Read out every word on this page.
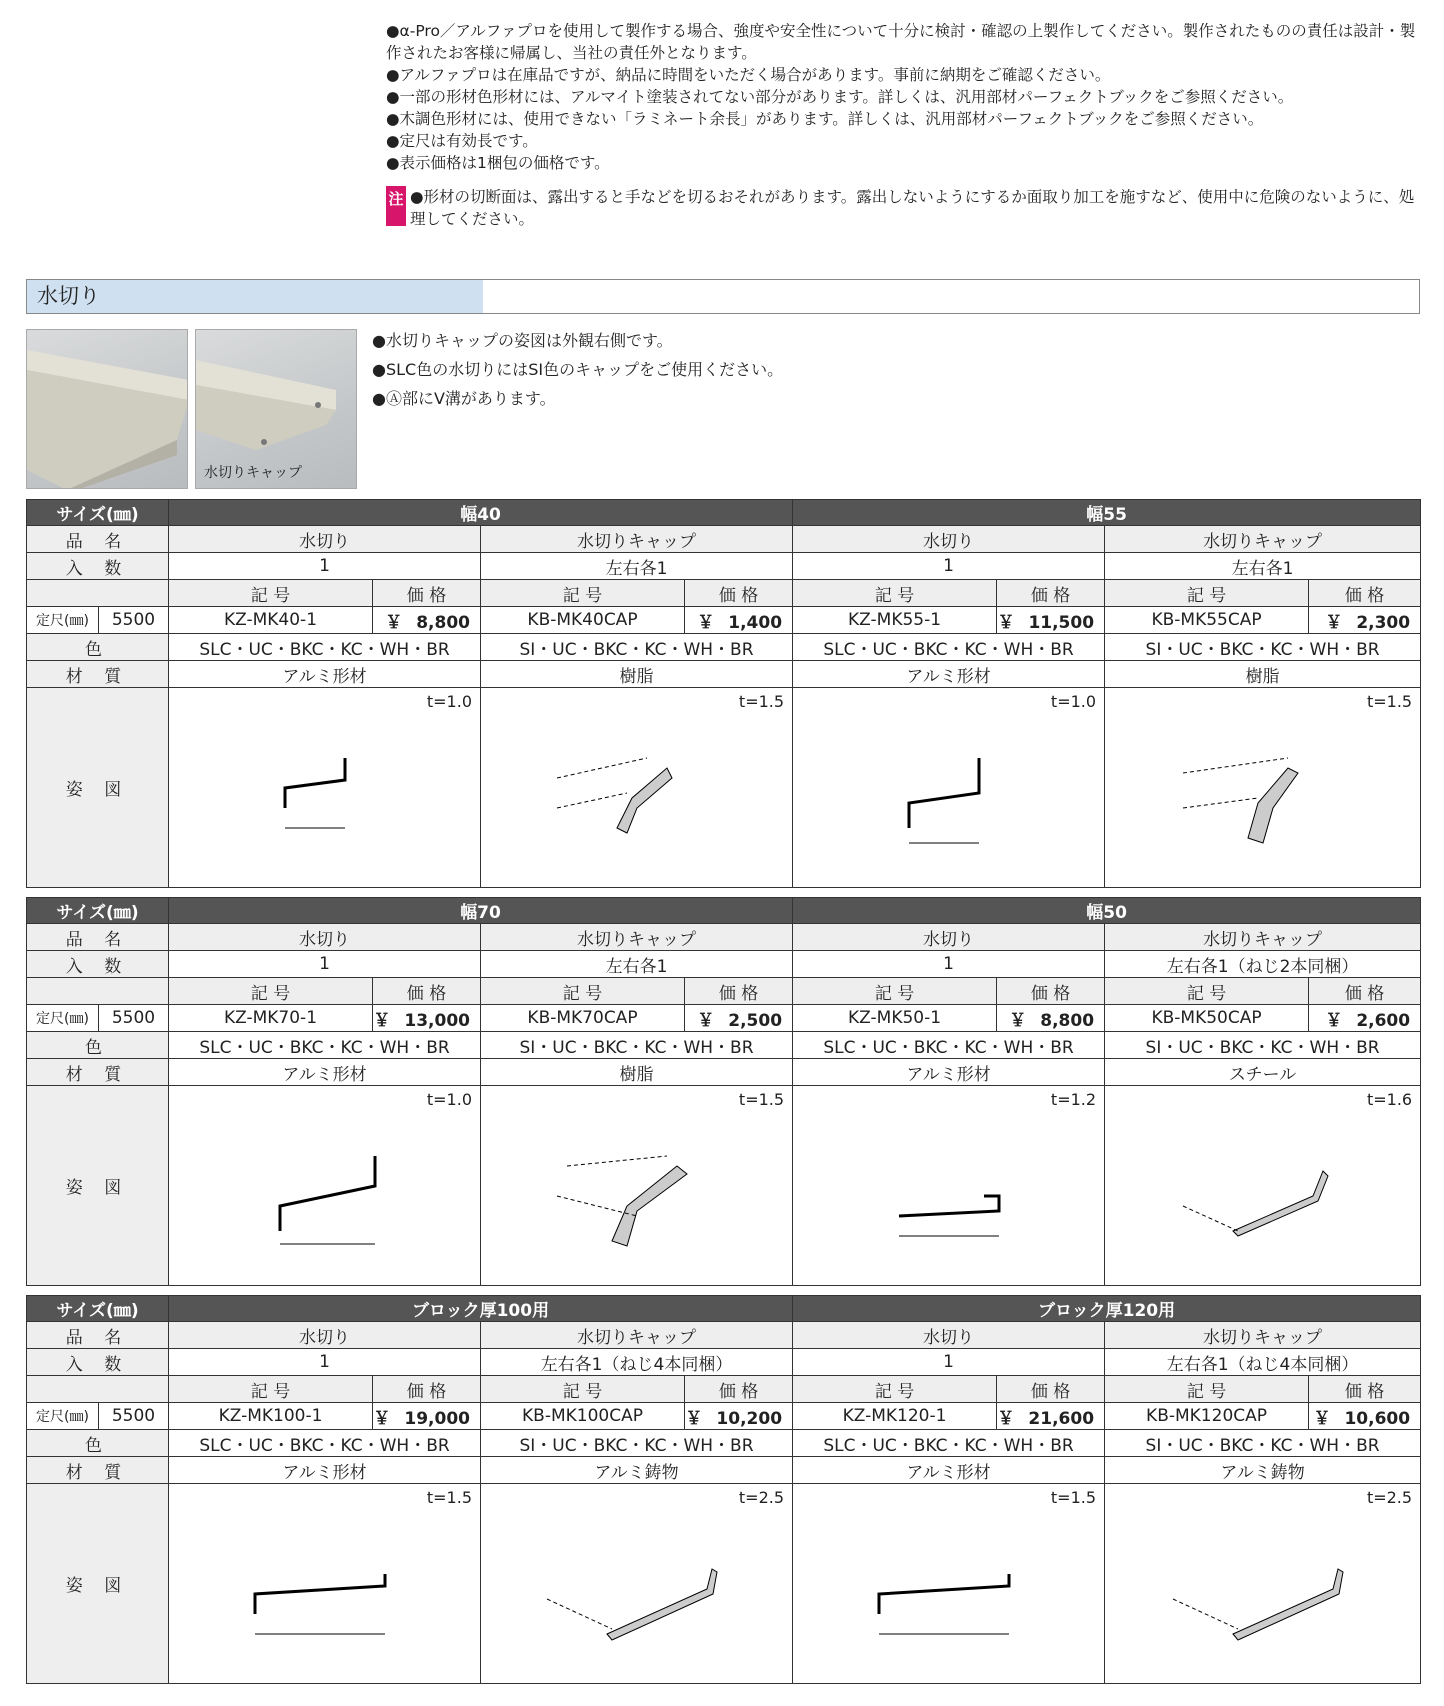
●α-Pro／アルファプロを使用して製作する場合、強度や安全性について十分に検討・確認の上製作してください。製作されたものの責任は設計・製作されたお客様に帰属し、当社の責任外となります。

●アルファプロは在庫品ですが、納品に時間をいただく場合があります。事前に納期をご確認ください。

●一部の形材色形材には、アルマイト塗装されてない部分があります。詳しくは、汎用部材パーフェクトブックをご参照ください。

●木調色形材には、使用できない「ラミネート余長」があります。詳しくは、汎用部材パーフェクトブックをご参照ください。

●定尺は有効長です。

●表示価格は1梱包の価格です。

注 ●形材の切断面は、露出すると手などを切るおそれがあります。露出しないようにするか面取り加工を施すなど、使用中に危険のないように、処理してください。
水切り
水切りキャップ

●水切りキャップの姿図は外観右側です。

●SLC色の水切りにはSI色のキャップをご使用ください。

●Ⓐ部にV溝があります。

サイズ(㎜)		幅40				幅55			
品 名		水切り		水切りキャップ		水切り		水切りキャップ	
入 数		1		左右各1		1		左右各1	
		記 号	価 格	記 号	価 格	記 号	価 格	記 号	価 格
定尺(㎜)	5500	KZ-MK40-1	￥ 8,800	KB-MK40CAP	￥ 1,400	KZ-MK55-1	￥ 11,500	KB-MK55CAP	￥ 2,300
色		SLC・UC・BKC・KC・WH・BR		SI・UC・BKC・KC・WH・BR		SLC・UC・BKC・KC・WH・BR		SI・UC・BKC・KC・WH・BR	
材 質		アルミ形材		樹脂		アルミ形材		樹脂	
姿 図		t=1.0		t=1.5		t=1.0		t=1.5	
サイズ(㎜)		幅70				幅50			
品 名		水切り		水切りキャップ		水切り		水切りキャップ	
入 数		1		左右各1		1		左右各1（ねじ2本同梱）	
		記 号	価 格	記 号	価 格	記 号	価 格	記 号	価 格
定尺(㎜)	5500	KZ-MK70-1	￥ 13,000	KB-MK70CAP	￥ 2,500	KZ-MK50-1	￥ 8,800	KB-MK50CAP	￥ 2,600
色		SLC・UC・BKC・KC・WH・BR		SI・UC・BKC・KC・WH・BR		SLC・UC・BKC・KC・WH・BR		SI・UC・BKC・KC・WH・BR	
材 質		アルミ形材		樹脂		アルミ形材		スチール	
姿 図		t=1.0		t=1.5		t=1.2		t=1.6	
サイズ(㎜)		ブロック厚100用				ブロック厚120用			
品 名		水切り		水切りキャップ		水切り		水切りキャップ	
入 数		1		左右各1（ねじ4本同梱）		1		左右各1（ねじ4本同梱）	
		記 号	価 格	記 号	価 格	記 号	価 格	記 号	価 格
定尺(㎜)	5500	KZ-MK100-1	￥ 19,000	KB-MK100CAP	￥ 10,200	KZ-MK120-1	￥ 21,600	KB-MK120CAP	￥ 10,600
色		SLC・UC・BKC・KC・WH・BR		SI・UC・BKC・KC・WH・BR		SLC・UC・BKC・KC・WH・BR		SI・UC・BKC・KC・WH・BR	
材 質		アルミ形材		アルミ鋳物		アルミ形材		アルミ鋳物	
姿 図		t=1.5		t=2.5		t=1.5		t=2.5	
